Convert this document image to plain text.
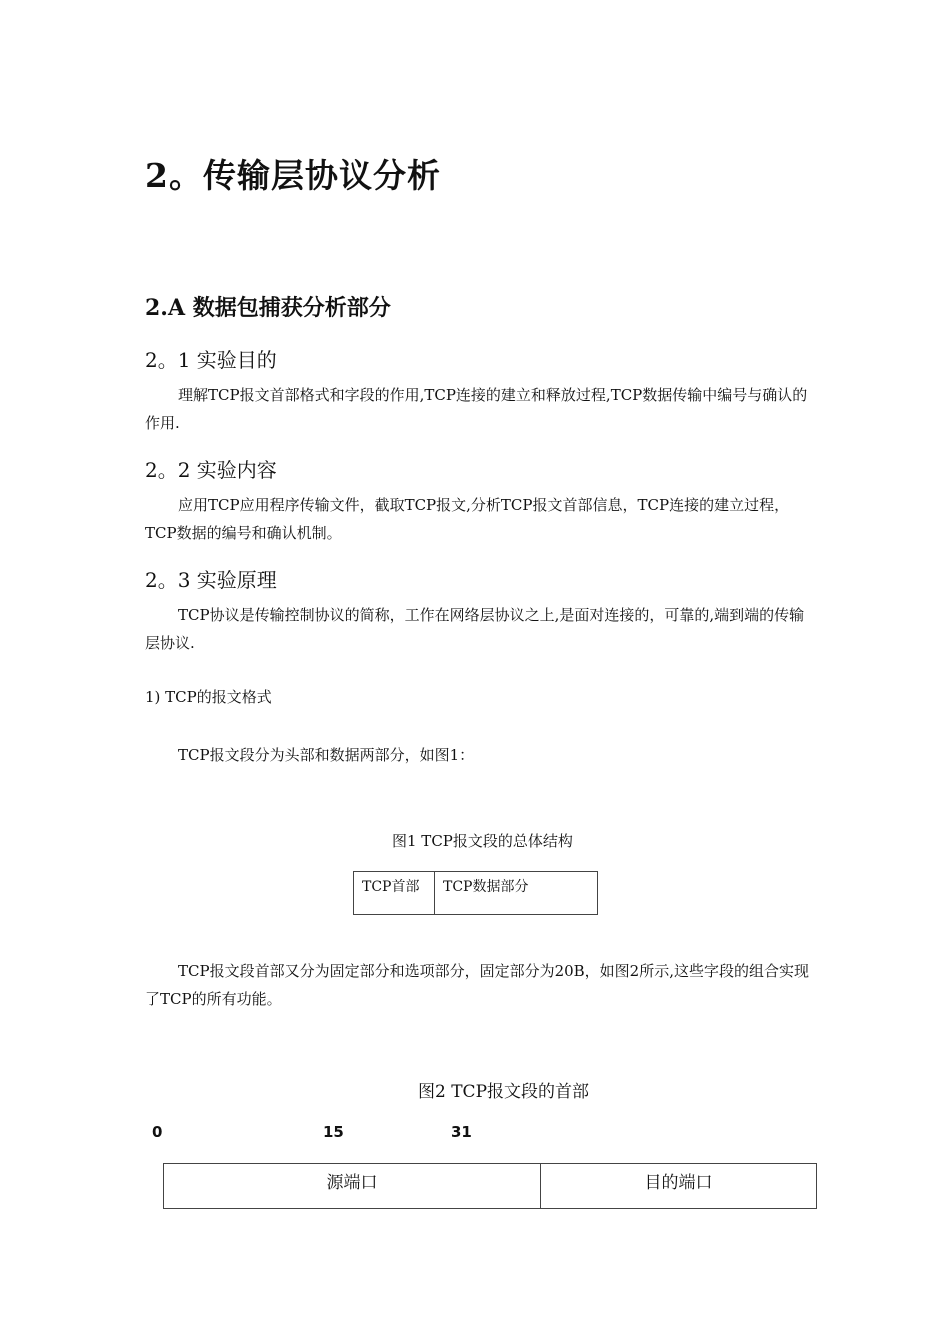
2。传输层协议分析
2.A 数据包捕获分析部分
2。1 实验目的
理解TCP报文首部格式和字段的作用,TCP连接的建立和释放过程,TCP数据传输中编号与确认的作用.
2。2 实验内容
应用TCP应用程序传输文件，截取TCP报文,分析TCP报文首部信息，TCP连接的建立过程，TCP数据的编号和确认机制。
2。3 实验原理
TCP协议是传输控制协议的简称，工作在网络层协议之上,是面对连接的，可靠的,端到端的传输层协议.
1) TCP的报文格式
TCP报文段分为头部和数据两部分，如图1：
图1 TCP报文段的总体结构
TCP首部	TCP数据部分
TCP报文段首部又分为固定部分和选项部分，固定部分为20B，如图2所示,这些字段的组合实现了TCP的所有功能。
图2 TCP报文段的首部
0	15	31
源端口	目的端口
